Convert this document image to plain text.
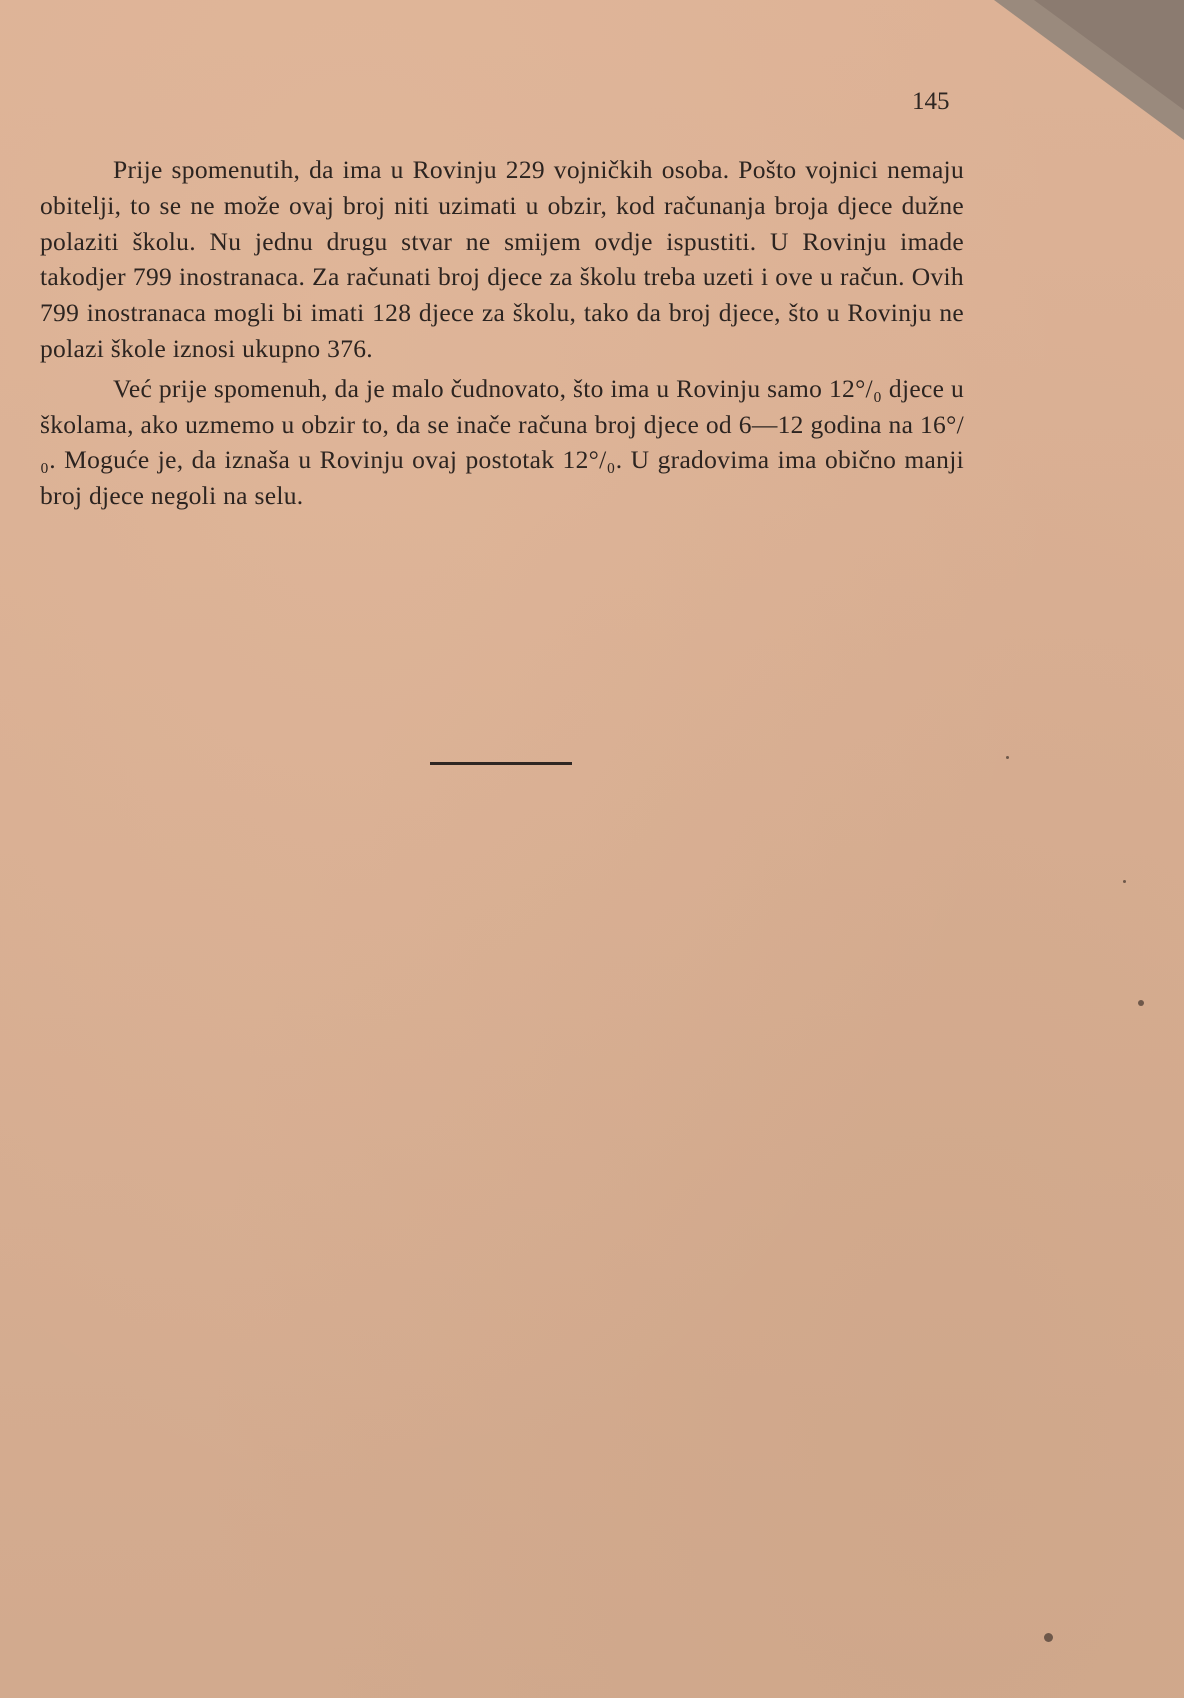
145

Prije spomenutih, da ima u Rovinju 229 vojničkih osoba. Pošto vojnici nemaju obitelji, to se ne može ovaj broj niti uzimati u obzir, kod računanja broja djece dužne polaziti školu. Nu jednu drugu stvar ne smijem ovdje ispustiti. U Rovinju imade takodjer 799 inostranaca. Za računati broj djece za školu treba uzeti i ove u račun. Ovih 799 inostranaca mogli bi imati 128 djece za školu, tako da broj djece, što u Rovinju ne polazi škole iznosi ukupno 376.

Već prije spomenuh, da je malo čudnovato, što ima u Rovinju samo 12°/₀ djece u školama, ako uzmemo u obzir to, da se inače računa broj djece od 6—12 godina na 16°/₀. Moguće je, da iznaša u Rovinju ovaj postotak 12°/₀. U gradovima ima obično manji broj djece negoli na selu.
